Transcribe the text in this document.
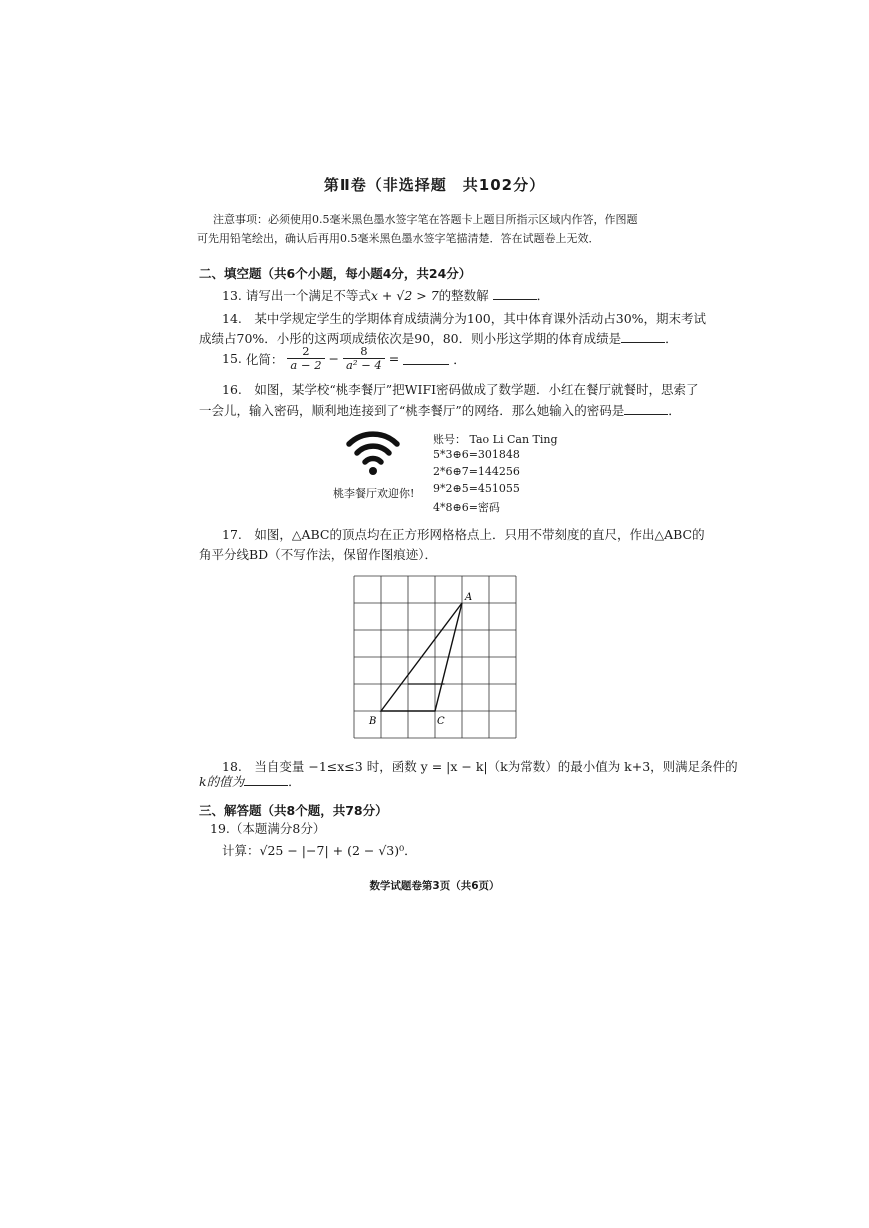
第Ⅱ卷（非选择题　共102分）
注意事项：必须使用0.5毫米黑色墨水签字笔在答题卡上题目所指示区域内作答，作图题
可先用铅笔绘出，确认后再用0.5毫米黑色墨水签字笔描清楚．答在试题卷上无效．
二、填空题（共6个小题，每小题4分，共24分）
13. 请写出一个满足不等式x + √2 > 7的整数解	．
14.　某中学规定学生的学期体育成绩满分为100，其中体育课外活动占30%，期末考试
成绩占70%．小彤的这两项成绩依次是90，80．则小彤这学期的体育成绩是	．
15. 化简： $\frac{2}{a - 2} - \frac{8}{\text{a² − 4}}$ =	．
16.　如图，某学校“桃李餐厅”把WIFI密码做成了数学题．小红在餐厅就餐时，思索了
一会儿，输入密码，顺利地连接到了“桃李餐厅”的网络．那么她输入的密码是	．
桃李餐厅欢迎你!
账号： Tao Li Can Ting
5*3⊕6=301848
2*6⊕7=144256
9*2⊕5=451055
4*8⊕6=密码
17.　如图，△ABC的顶点均在正方形网格格点上．只用不带刻度的直尺，作出△ABC的
角平分线BD（不写作法，保留作图痕迹）．
A
B	C
18.　当自变量 −1≤x≤3 时，函数 y = |x − k|（k为常数）的最小值为 k+3，则满足条件的
k的值为	．
三、解答题（共8个题，共78分）
19.（本题满分8分）
计算：√25 − |−7| + (2 − √3)⁰．
数学试题卷第3页（共6页）
